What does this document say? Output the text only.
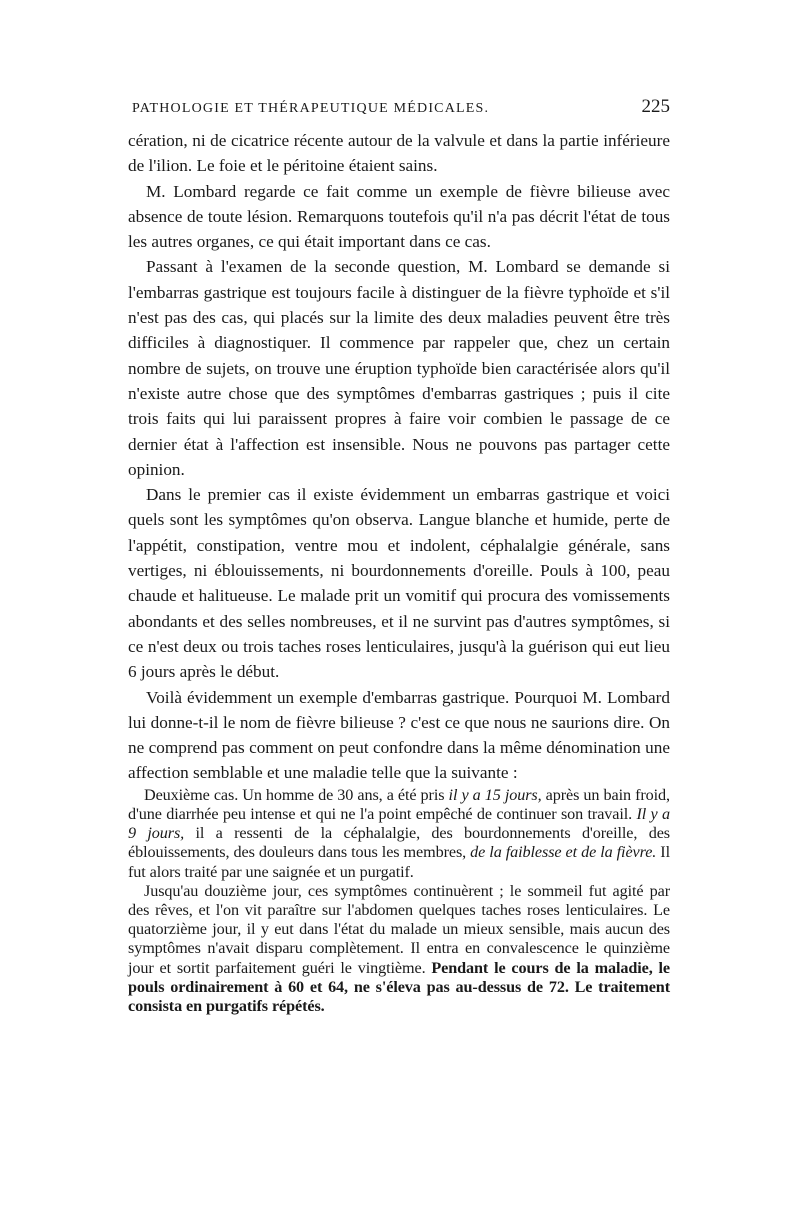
PATHOLOGIE ET THÉRAPEUTIQUE MÉDICALES.	225

cération, ni de cicatrice récente autour de la valvule et dans la partie inférieure de l'ilion. Le foie et le péritoine étaient sains.

M. Lombard regarde ce fait comme un exemple de fièvre bilieuse avec absence de toute lésion. Remarquons toutefois qu'il n'a pas décrit l'état de tous les autres organes, ce qui était important dans ce cas.

Passant à l'examen de la seconde question, M. Lombard se demande si l'embarras gastrique est toujours facile à distinguer de la fièvre typhoïde et s'il n'est pas des cas, qui placés sur la limite des deux maladies peuvent être très difficiles à diagnostiquer. Il commence par rappeler que, chez un certain nombre de sujets, on trouve une éruption typhoïde bien caractérisée alors qu'il n'existe autre chose que des symptômes d'embarras gastriques ; puis il cite trois faits qui lui paraissent propres à faire voir combien le passage de ce dernier état à l'affection est insensible. Nous ne pouvons pas partager cette opinion.

Dans le premier cas il existe évidemment un embarras gastrique et voici quels sont les symptômes qu'on observa. Langue blanche et humide, perte de l'appétit, constipation, ventre mou et indolent, céphalalgie générale, sans vertiges, ni éblouissements, ni bourdonnements d'oreille. Pouls à 100, peau chaude et halitueuse. Le malade prit un vomitif qui procura des vomissements abondants et des selles nombreuses, et il ne survint pas d'autres symptômes, si ce n'est deux ou trois taches roses lenticulaires, jusqu'à la guérison qui eut lieu 6 jours après le début.

Voilà évidemment un exemple d'embarras gastrique. Pourquoi M. Lombard lui donne-t-il le nom de fièvre bilieuse ? c'est ce que nous ne saurions dire. On ne comprend pas comment on peut confondre dans la même dénomination une affection semblable et une maladie telle que la suivante :

Deuxième cas. Un homme de 30 ans, a été pris il y a 15 jours, après un bain froid, d'une diarrhée peu intense et qui ne l'a point empêché de continuer son travail. Il y a 9 jours, il a ressenti de la céphalalgie, des bourdonnements d'oreille, des éblouissements, des douleurs dans tous les membres, de la faiblesse et de la fièvre. Il fut alors traité par une saignée et un purgatif.

Jusqu'au douzième jour, ces symptômes continuèrent ; le sommeil fut agité par des rêves, et l'on vit paraître sur l'abdomen quelques taches roses lenticulaires. Le quatorzième jour, il y eut dans l'état du malade un mieux sensible, mais aucun des symptômes n'avait disparu complètement. Il entra en convalescence le quinzième jour et sortit parfaitement guéri le vingtième. Pendant le cours de la maladie, le pouls ordinairement à 60 et 64, ne s'éleva pas au-dessus de 72. Le traitement consista en purgatifs répétés.
